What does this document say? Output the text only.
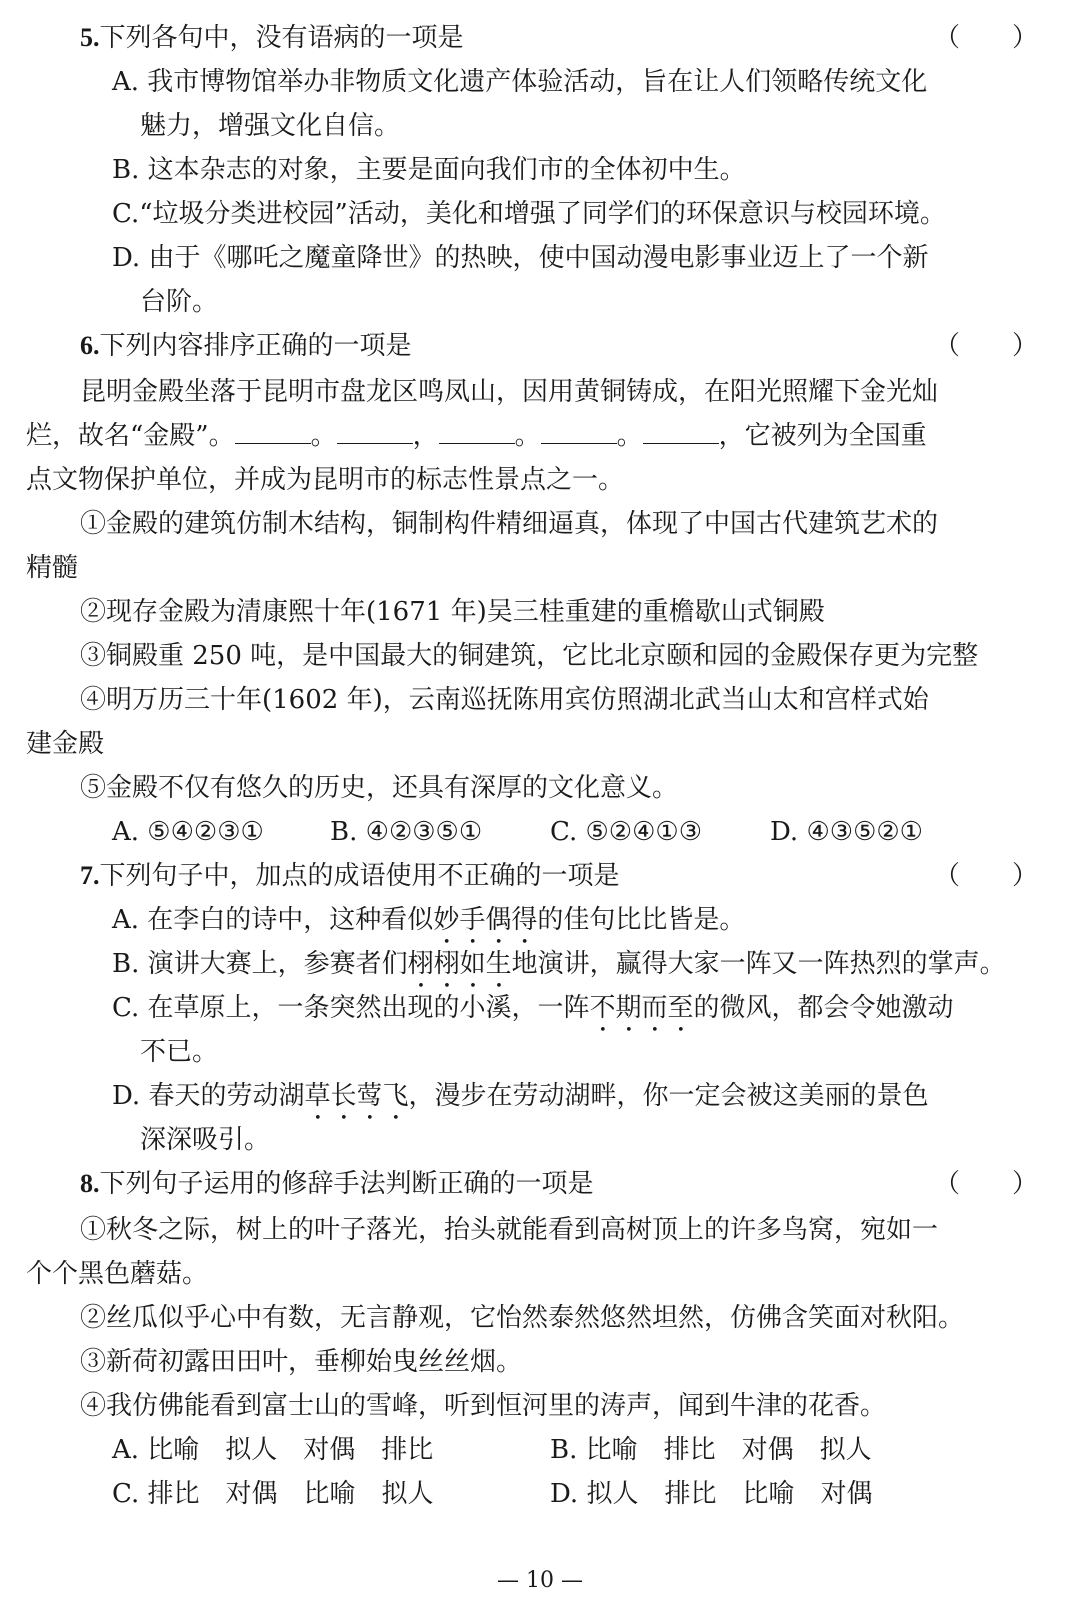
5.下列各句中，没有语病的一项是	（　　）
A. 我市博物馆举办非物质文化遗产体验活动，旨在让人们领略传统文化
魅力，增强文化自信。
B. 这本杂志的对象，主要是面向我们市的全体初中生。
C.“垃圾分类进校园”活动，美化和增强了同学们的环保意识与校园环境。
D. 由于《哪吒之魔童降世》的热映，使中国动漫电影事业迈上了一个新
台阶。
6.下列内容排序正确的一项是	（　　）
昆明金殿坐落于昆明市盘龙区鸣凤山，因用黄铜铸成，在阳光照耀下金光灿
烂，故名“金殿”。	。	，	。	。	，它被列为全国重
点文物保护单位，并成为昆明市的标志性景点之一。
①金殿的建筑仿制木结构，铜制构件精细逼真，体现了中国古代建筑艺术的
精髓
②现存金殿为清康熙十年(1671 年)吴三桂重建的重檐歇山式铜殿
③铜殿重 250 吨，是中国最大的铜建筑，它比北京颐和园的金殿保存更为完整
④明万历三十年(1602 年)，云南巡抚陈用宾仿照湖北武当山太和宫样式始
建金殿
⑤金殿不仅有悠久的历史，还具有深厚的文化意义。
A. ⑤④②③①	B. ④②③⑤①	C. ⑤②④①③	D. ④③⑤②①
7.下列句子中，加点的成语使用不正确的一项是	（　　）
A. 在李白的诗中，这种看似妙手偶得的佳句比比皆是。
B. 演讲大赛上，参赛者们栩栩如生地演讲，赢得大家一阵又一阵热烈的掌声。
C. 在草原上，一条突然出现的小溪，一阵不期而至的微风，都会令她激动
不已。
D. 春天的劳动湖草长莺飞，漫步在劳动湖畔，你一定会被这美丽的景色
深深吸引。
8.下列句子运用的修辞手法判断正确的一项是	（　　）
①秋冬之际，树上的叶子落光，抬头就能看到高树顶上的许多鸟窝，宛如一
个个黑色蘑菇。
②丝瓜似乎心中有数，无言静观，它怡然泰然悠然坦然，仿佛含笑面对秋阳。
③新荷初露田田叶，垂柳始曳丝丝烟。
④我仿佛能看到富士山的雪峰，听到恒河里的涛声，闻到牛津的花香。
A. 比喻　拟人　对偶　排比	B. 比喻　排比　对偶　拟人
C. 排比　对偶　比喻　拟人	D. 拟人　排比　比喻　对偶
— 10 —
